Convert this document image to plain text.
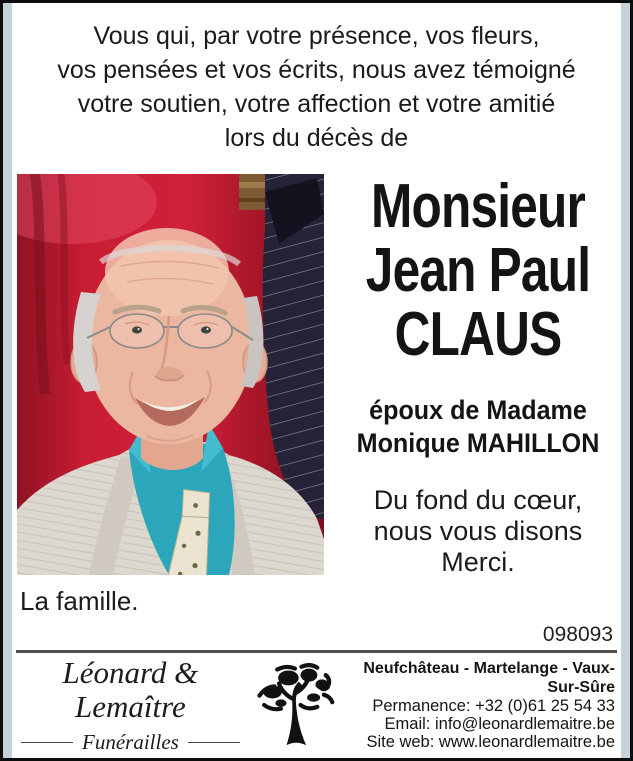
Vous qui, par votre présence, vos fleurs,
vos pensées et vos écrits, nous avez témoigné
votre soutien, votre affection et votre amitié
lors du décès de
Monsieur
Jean Paul
CLAUS
époux de Madame
Monique MAHILLON
Du fond du cœur,
nous vous disons
Merci.
La famille.
098093
Léonard & Lemaître
Funérailles
Neufchâteau - Martelange - Vaux-Sur-Sûre
Permanence: +32 (0)61 25 54 33
Email: info@leonardlemaitre.be
Site web: www.leonardlemaitre.be
